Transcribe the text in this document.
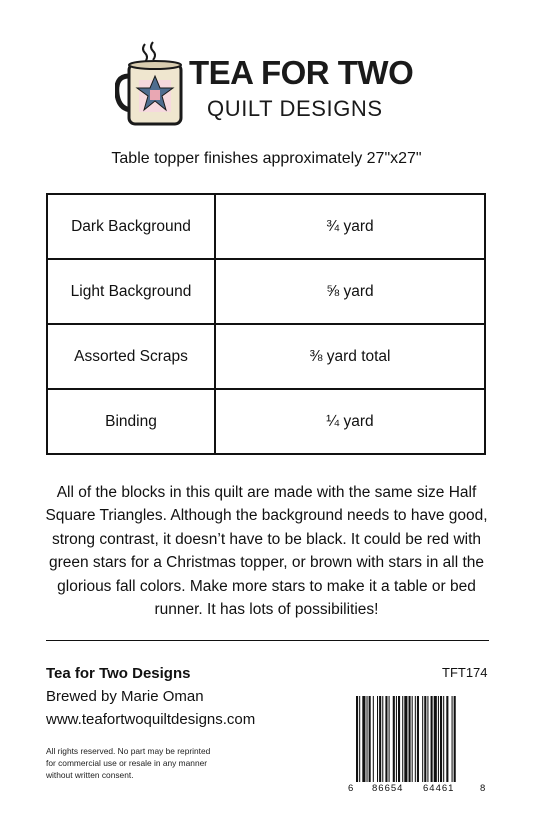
TEA FOR TWO
QUILT DESIGNS
Table topper finishes approximately 27"x27"
Dark Background	¾ yard
Light Background	⅝ yard
Assorted Scraps	⅜ yard total
Binding	¼ yard
All of the blocks in this quilt are made with the same size Half Square Triangles. Although the background needs to have good, strong contrast, it doesn’t have to be black. It could be red with green stars for a Christmas topper, or brown with stars in all the glorious fall colors. Make more stars to make it a table or bed runner. It has lots of possibilities!
Tea for Two Designs
Brewed by Marie Oman
www.teafortwoquiltdesigns.com
All rights reserved. No part may be reprinted for commercial use or resale in any manner without written consent.
TFT174
6 86654 64461	8
